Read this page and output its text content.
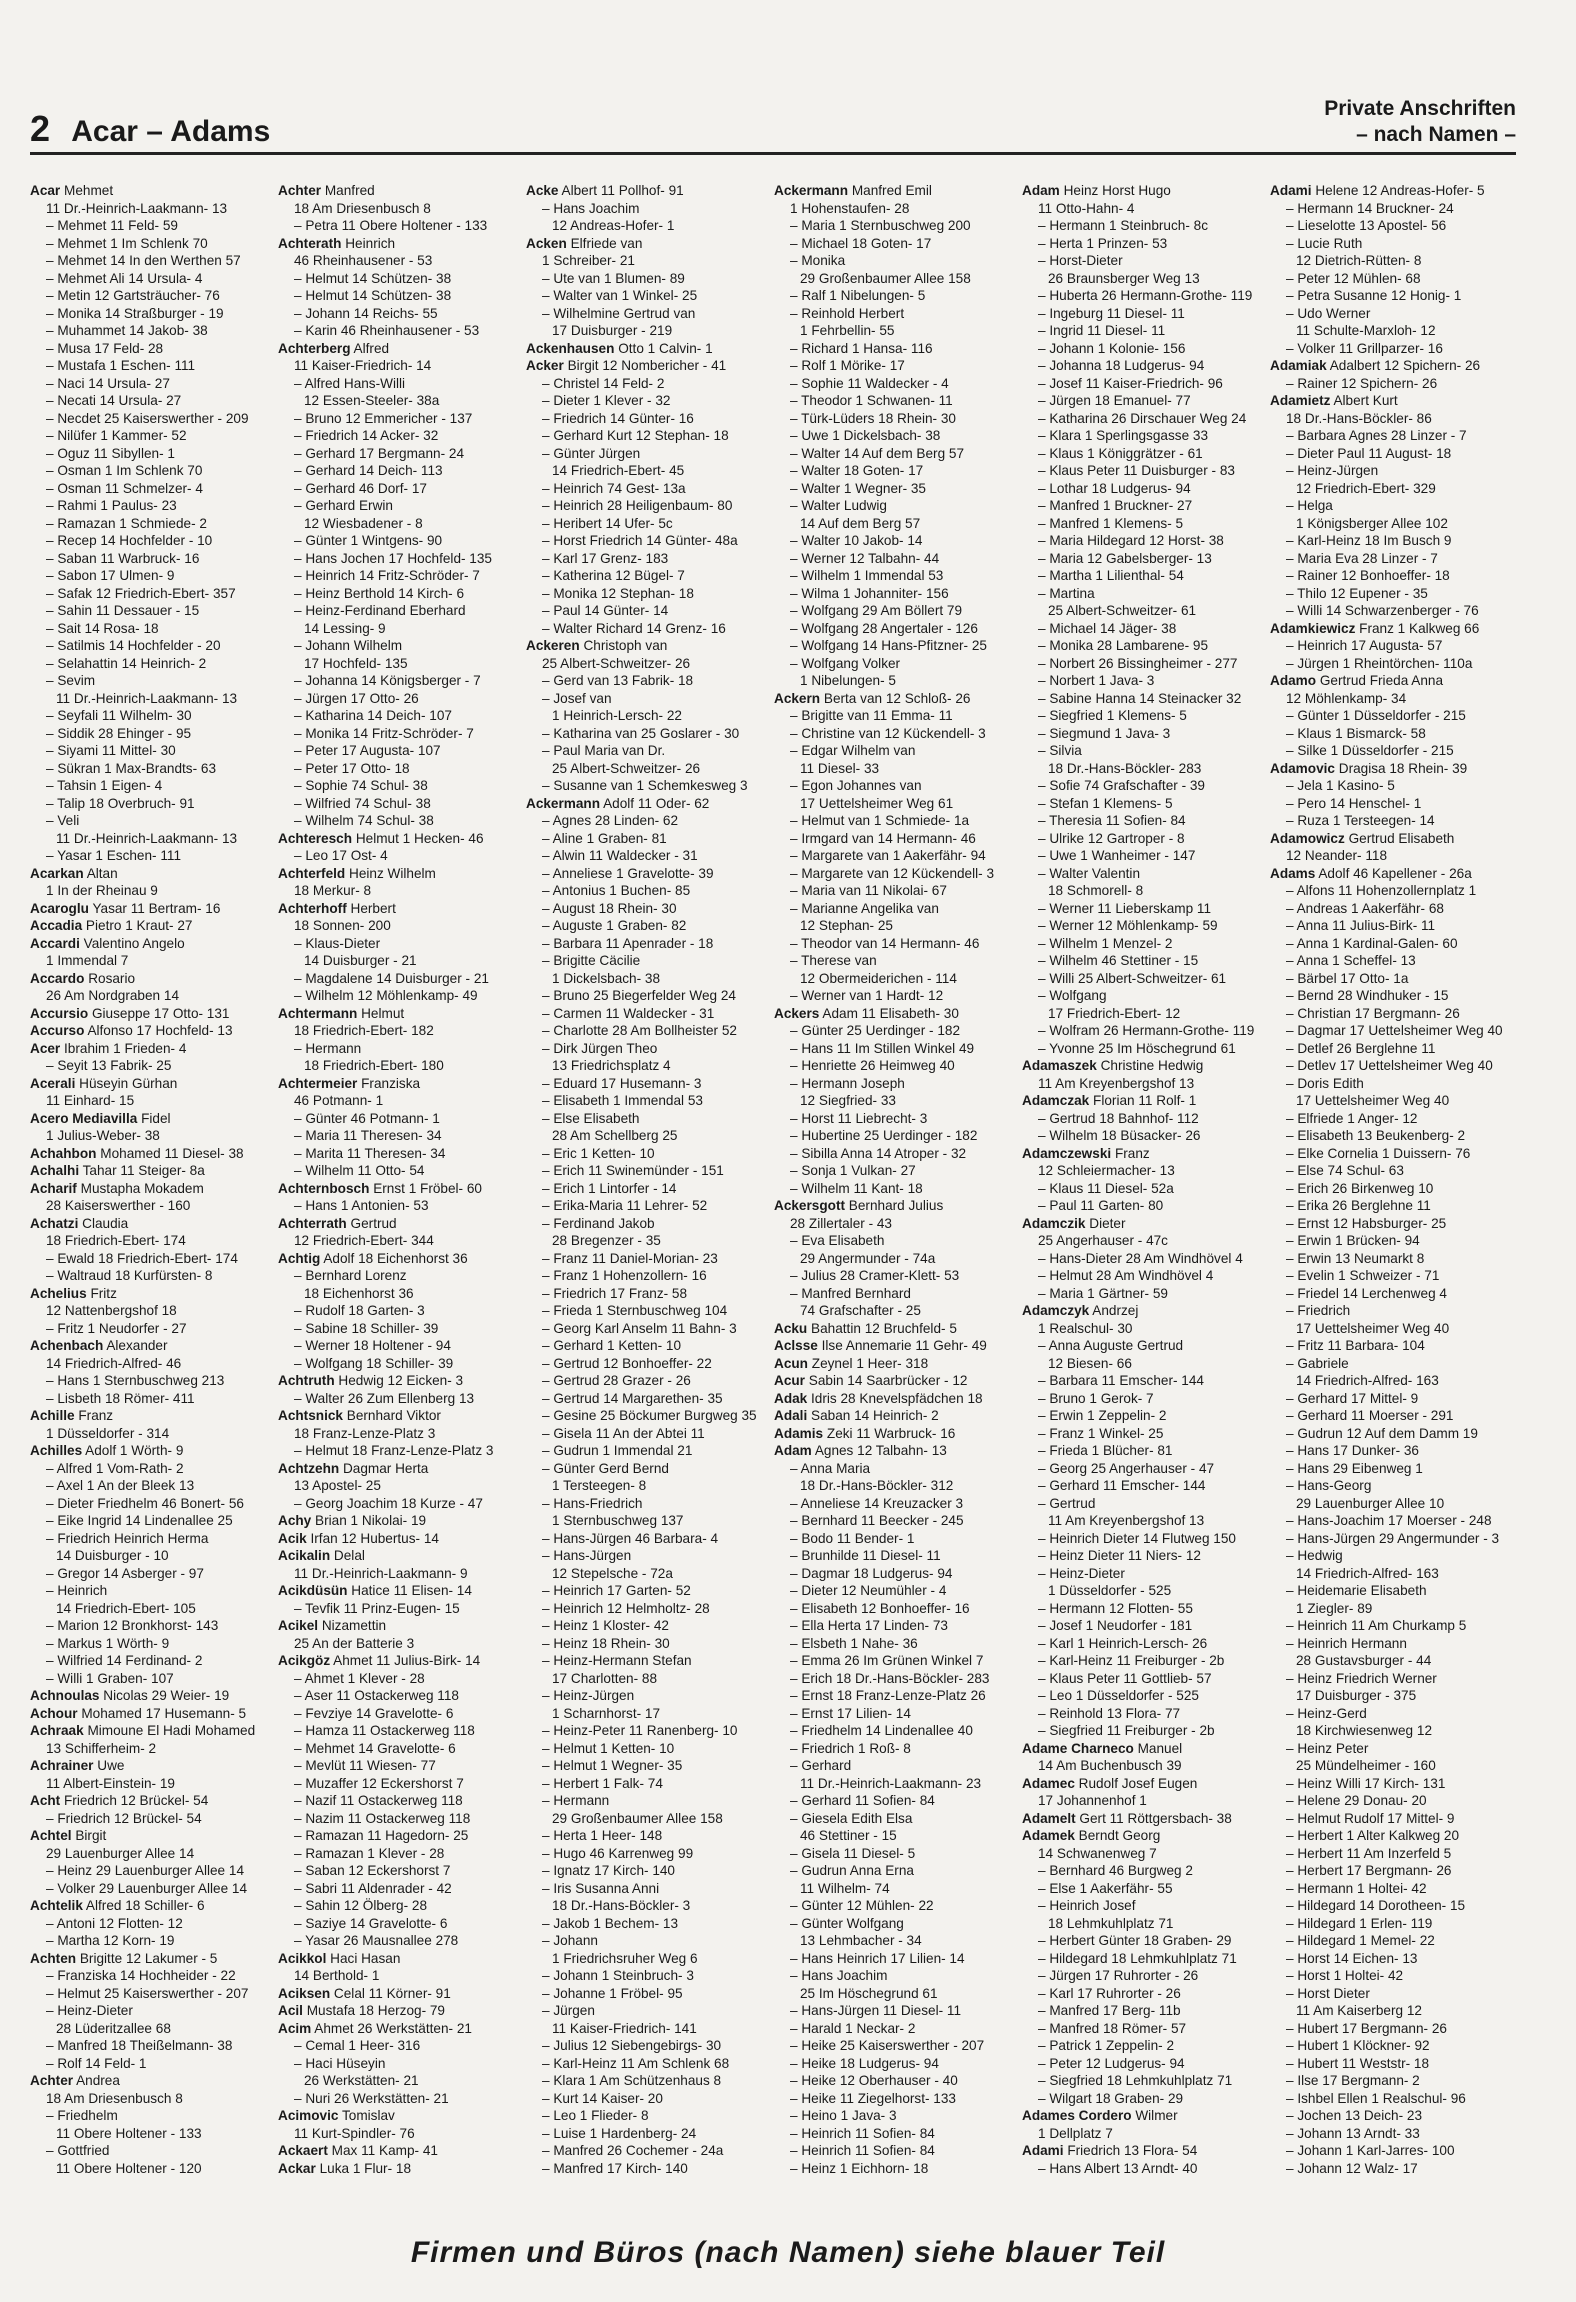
2 Acar – Adams
Private Anschriften
– nach Namen –
Acar Mehmet
11 Dr.-Heinrich-Laakmann- 13
– Mehmet 11 Feld- 59
– Mehmet 1 Im Schlenk 70
– Mehmet 14 In den Werthen 57
– Mehmet Ali 14 Ursula- 4
– Metin 12 Gartsträucher- 76
– Monika 14 Straßburger - 19
– Muhammet 14 Jakob- 38
– Musa 17 Feld- 28
– Mustafa 1 Eschen- 111
– Naci 14 Ursula- 27
– Necati 14 Ursula- 27
– Necdet 25 Kaiserswerther - 209
– Nilüfer 1 Kammer- 52
– Oguz 11 Sibyllen- 1
– Osman 1 Im Schlenk 70
– Osman 11 Schmelzer- 4
– Rahmi 1 Paulus- 23
– Ramazan 1 Schmiede- 2
– Recep 14 Hochfelder - 10
– Saban 11 Warbruck- 16
– Sabon 17 Ulmen- 9
– Safak 12 Friedrich-Ebert- 357
– Sahin 11 Dessauer - 15
– Sait 14 Rosa- 18
– Satilmis 14 Hochfelder - 20
– Selahattin 14 Heinrich- 2
– Sevim
11 Dr.-Heinrich-Laakmann- 13
– Seyfali 11 Wilhelm- 30
– Siddik 28 Ehinger - 95
– Siyami 11 Mittel- 30
– Sükran 1 Max-Brandts- 63
– Tahsin 1 Eigen- 4
– Talip 18 Overbruch- 91
– Veli
11 Dr.-Heinrich-Laakmann- 13
– Yasar 1 Eschen- 111
Acarkan Altan
1 In der Rheinau 9
Acaroglu Yasar 11 Bertram- 16
Accadia Pietro 1 Kraut- 27
Accardi Valentino Angelo
1 Immendal 7
Accardo Rosario
26 Am Nordgraben 14
Accursio Giuseppe 17 Otto- 131
Accurso Alfonso 17 Hochfeld- 13
Acer Ibrahim 1 Frieden- 4
– Seyit 13 Fabrik- 25
Acerali Hüseyin Gürhan
11 Einhard- 15
Acero Mediavilla Fidel
1 Julius-Weber- 38
Achahbon Mohamed 11 Diesel- 38
Achalhi Tahar 11 Steiger- 8a
Acharif Mustapha Mokadem
28 Kaiserswerther - 160
Achatzi Claudia
18 Friedrich-Ebert- 174
– Ewald 18 Friedrich-Ebert- 174
– Waltraud 18 Kurfürsten- 8
Achelius Fritz
12 Nattenbergshof 18
– Fritz 1 Neudorfer - 27
Achenbach Alexander
14 Friedrich-Alfred- 46
– Hans 1 Sternbuschweg 213
– Lisbeth 18 Römer- 411
Achille Franz
1 Düsseldorfer - 314
Achilles Adolf 1 Wörth- 9
– Alfred 1 Vom-Rath- 2
– Axel 1 An der Bleek 13
– Dieter Friedhelm 46 Bonert- 56
– Eike Ingrid 14 Lindenallee 25
– Friedrich Heinrich Herma
14 Duisburger - 10
– Gregor 14 Asberger - 97
– Heinrich
14 Friedrich-Ebert- 105
– Marion 12 Bronkhorst- 143
– Markus 1 Wörth- 9
– Wilfried 14 Ferdinand- 2
– Willi 1 Graben- 107
Achnoulas Nicolas 29 Weier- 19
Achour Mohamed 17 Husemann- 5
Achraak Mimoune El Hadi Mohamed
13 Schifferheim- 2
Achrainer Uwe
11 Albert-Einstein- 19
Acht Friedrich 12 Brückel- 54
– Friedrich 12 Brückel- 54
Achtel Birgit
29 Lauenburger Allee 14
– Heinz 29 Lauenburger Allee 14
– Volker 29 Lauenburger Allee 14
Achtelik Alfred 18 Schiller- 6
– Antoni 12 Flotten- 12
– Martha 12 Korn- 19
Achten Brigitte 12 Lakumer - 5
– Franziska 14 Hochheider - 22
– Helmut 25 Kaiserswerther - 207
– Heinz-Dieter
28 Lüderitzallee 68
– Manfred 18 Theißelmann- 38
– Rolf 14 Feld- 1
Achter Andrea
18 Am Driesenbusch 8
– Friedhelm
11 Obere Holtener - 133
– Gottfried
11 Obere Holtener - 120
Achter Manfred
18 Am Driesenbusch 8
– Petra 11 Obere Holtener - 133
Achterath Heinrich
46 Rheinhausener - 53
– Helmut 14 Schützen- 38
– Helmut 14 Schützen- 38
– Johann 14 Reichs- 55
– Karin 46 Rheinhausener - 53
Achterberg Alfred
11 Kaiser-Friedrich- 14
– Alfred Hans-Willi
12 Essen-Steeler- 38a
– Bruno 12 Emmericher - 137
– Friedrich 14 Acker- 32
– Gerhard 17 Bergmann- 24
– Gerhard 14 Deich- 113
– Gerhard 46 Dorf- 17
– Gerhard Erwin
12 Wiesbadener - 8
– Günter 1 Wintgens- 90
– Hans Jochen 17 Hochfeld- 135
– Heinrich 14 Fritz-Schröder- 7
– Heinz Berthold 14 Kirch- 6
– Heinz-Ferdinand Eberhard
14 Lessing- 9
– Johann Wilhelm
17 Hochfeld- 135
– Johanna 14 Königsberger - 7
– Jürgen 17 Otto- 26
– Katharina 14 Deich- 107
– Monika 14 Fritz-Schröder- 7
– Peter 17 Augusta- 107
– Peter 17 Otto- 18
– Sophie 74 Schul- 38
– Wilfried 74 Schul- 38
– Wilhelm 74 Schul- 38
Achteresch Helmut 1 Hecken- 46
– Leo 17 Ost- 4
Achterfeld Heinz Wilhelm
18 Merkur- 8
Achterhoff Herbert
18 Sonnen- 200
– Klaus-Dieter
14 Duisburger - 21
– Magdalene 14 Duisburger - 21
– Wilhelm 12 Möhlenkamp- 49
Achtermann Helmut
18 Friedrich-Ebert- 182
– Hermann
18 Friedrich-Ebert- 180
Achtermeier Franziska
46 Potmann- 1
– Günter 46 Potmann- 1
– Maria 11 Theresen- 34
– Marita 11 Theresen- 34
– Wilhelm 11 Otto- 54
Achternbosch Ernst 1 Fröbel- 60
– Hans 1 Antonien- 53
Achterrath Gertrud
12 Friedrich-Ebert- 344
Achtig Adolf 18 Eichenhorst 36
– Bernhard Lorenz
18 Eichenhorst 36
– Rudolf 18 Garten- 3
– Sabine 18 Schiller- 39
– Werner 18 Holtener - 94
– Wolfgang 18 Schiller- 39
Achtruth Hedwig 12 Eicken- 3
– Walter 26 Zum Ellenberg 13
Achtsnick Bernhard Viktor
18 Franz-Lenze-Platz 3
– Helmut 18 Franz-Lenze-Platz 3
Achtzehn Dagmar Herta
13 Apostel- 25
– Georg Joachim 18 Kurze - 47
Achy Brian 1 Nikolai- 19
Acik Irfan 12 Hubertus- 14
Acikalin Delal
11 Dr.-Heinrich-Laakmann- 9
Acikdüsün Hatice 11 Elisen- 14
– Tevfik 11 Prinz-Eugen- 15
Acikel Nizamettin
25 An der Batterie 3
Acikgöz Ahmet 11 Julius-Birk- 14
– Ahmet 1 Klever - 28
– Aser 11 Ostackerweg 118
– Fevziye 14 Gravelotte- 6
– Hamza 11 Ostackerweg 118
– Mehmet 14 Gravelotte- 6
– Mevlüt 11 Wiesen- 77
– Muzaffer 12 Eckershorst 7
– Nazif 11 Ostackerweg 118
– Nazim 11 Ostackerweg 118
– Ramazan 11 Hagedorn- 25
– Ramazan 1 Klever - 28
– Saban 12 Eckershorst 7
– Sabri 11 Aldenrader - 42
– Sahin 12 Ölberg- 28
– Saziye 14 Gravelotte- 6
– Yasar 26 Mausnallee 278
Acikkol Haci Hasan
14 Berthold- 1
Aciksen Celal 11 Körner- 91
Acil Mustafa 18 Herzog- 79
Acim Ahmet 26 Werkstätten- 21
– Cemal 1 Heer- 316
– Haci Hüseyin
26 Werkstätten- 21
– Nuri 26 Werkstätten- 21
Acimovic Tomislav
11 Kurt-Spindler- 76
Ackaert Max 11 Kamp- 41
Ackar Luka 1 Flur- 18
Acke Albert 11 Pollhof- 91
– Hans Joachim
12 Andreas-Hofer- 1
Acken Elfriede van
1 Schreiber- 21
– Ute van 1 Blumen- 89
– Walter van 1 Winkel- 25
– Wilhelmine Gertrud van
17 Duisburger - 219
Ackenhausen Otto 1 Calvin- 1
Acker Birgit 12 Nombericher - 41
– Christel 14 Feld- 2
– Dieter 1 Klever - 32
– Friedrich 14 Günter- 16
– Gerhard Kurt 12 Stephan- 18
– Günter Jürgen
14 Friedrich-Ebert- 45
– Heinrich 74 Gest- 13a
– Heinrich 28 Heiligenbaum- 80
– Heribert 14 Ufer- 5c
– Horst Friedrich 14 Günter- 48a
– Karl 17 Grenz- 183
– Katherina 12 Bügel- 7
– Monika 12 Stephan- 18
– Paul 14 Günter- 14
– Walter Richard 14 Grenz- 16
Ackeren Christoph van
25 Albert-Schweitzer- 26
– Gerd van 13 Fabrik- 18
– Josef van
1 Heinrich-Lersch- 22
– Katharina van 25 Goslarer - 30
– Paul Maria van Dr.
25 Albert-Schweitzer- 26
– Susanne van 1 Schemkesweg 3
Ackermann Adolf 11 Oder- 62
– Agnes 28 Linden- 62
– Aline 1 Graben- 81
– Alwin 11 Waldecker - 31
– Anneliese 1 Gravelotte- 39
– Antonius 1 Buchen- 85
– August 18 Rhein- 30
– Auguste 1 Graben- 82
– Barbara 11 Apenrader - 18
– Brigitte Cäcilie
1 Dickelsbach- 38
– Bruno 25 Biegerfelder Weg 24
– Carmen 11 Waldecker - 31
– Charlotte 28 Am Bollheister 52
– Dirk Jürgen Theo
13 Friedrichsplatz 4
– Eduard 17 Husemann- 3
– Elisabeth 1 Immendal 53
– Else Elisabeth
28 Am Schellberg 25
– Eric 1 Ketten- 10
– Erich 11 Swinemünder - 151
– Erich 1 Lintorfer - 14
– Erika-Maria 11 Lehrer- 52
– Ferdinand Jakob
28 Bregenzer - 35
– Franz 11 Daniel-Morian- 23
– Franz 1 Hohenzollern- 16
– Friedrich 17 Franz- 58
– Frieda 1 Sternbuschweg 104
– Georg Karl Anselm 11 Bahn- 3
– Gerhard 1 Ketten- 10
– Gertrud 12 Bonhoeffer- 22
– Gertrud 28 Grazer - 26
– Gertrud 14 Margarethen- 35
– Gesine 25 Böckumer Burgweg 35
– Gisela 11 An der Abtei 11
– Gudrun 1 Immendal 21
– Günter Gerd Bernd
1 Tersteegen- 8
– Hans-Friedrich
1 Sternbuschweg 137
– Hans-Jürgen 46 Barbara- 4
– Hans-Jürgen
12 Stepelsche - 72a
– Heinrich 17 Garten- 52
– Heinrich 12 Helmholtz- 28
– Heinz 1 Kloster- 42
– Heinz 18 Rhein- 30
– Heinz-Hermann Stefan
17 Charlotten- 88
– Heinz-Jürgen
1 Scharnhorst- 17
– Heinz-Peter 11 Ranenberg- 10
– Helmut 1 Ketten- 10
– Helmut 1 Wegner- 35
– Herbert 1 Falk- 74
– Hermann
29 Großenbaumer Allee 158
– Herta 1 Heer- 148
– Hugo 46 Karrenweg 99
– Ignatz 17 Kirch- 140
– Iris Susanna Anni
18 Dr.-Hans-Böckler- 3
– Jakob 1 Bechem- 13
– Johann
1 Friedrichsruher Weg 6
– Johann 1 Steinbruch- 3
– Johanne 1 Fröbel- 95
– Jürgen
11 Kaiser-Friedrich- 141
– Julius 12 Siebengebirgs- 30
– Karl-Heinz 11 Am Schlenk 68
– Klara 1 Am Schützenhaus 8
– Kurt 14 Kaiser- 20
– Leo 1 Flieder- 8
– Luise 1 Hardenberg- 24
– Manfred 26 Cochemer - 24a
– Manfred 17 Kirch- 140
Ackermann Manfred Emil
1 Hohenstaufen- 28
– Maria 1 Sternbuschweg 200
– Michael 18 Goten- 17
– Monika
29 Großenbaumer Allee 158
– Ralf 1 Nibelungen- 5
– Reinhold Herbert
1 Fehrbellin- 55
– Richard 1 Hansa- 116
– Rolf 1 Mörike- 17
– Sophie 11 Waldecker - 4
– Theodor 1 Schwanen- 11
– Türk-Lüders 18 Rhein- 30
– Uwe 1 Dickelsbach- 38
– Walter 14 Auf dem Berg 57
– Walter 18 Goten- 17
– Walter 1 Wegner- 35
– Walter Ludwig
14 Auf dem Berg 57
– Walter 10 Jakob- 14
– Werner 12 Talbahn- 44
– Wilhelm 1 Immendal 53
– Wilma 1 Johanniter- 156
– Wolfgang 29 Am Böllert 79
– Wolfgang 28 Angertaler - 126
– Wolfgang 14 Hans-Pfitzner- 25
– Wolfgang Volker
1 Nibelungen- 5
Ackern Berta van 12 Schloß- 26
– Brigitte van 11 Emma- 11
– Christine van 12 Kückendell- 3
– Edgar Wilhelm van
11 Diesel- 33
– Egon Johannes van
17 Uettelsheimer Weg 61
– Helmut van 1 Schmiede- 1a
– Irmgard van 14 Hermann- 46
– Margarete van 1 Aakerfähr- 94
– Margarete van 12 Kückendell- 3
– Maria van 11 Nikolai- 67
– Marianne Angelika van
12 Stephan- 25
– Theodor van 14 Hermann- 46
– Therese van
12 Obermeiderichen - 114
– Werner van 1 Hardt- 12
Ackers Adam 11 Elisabeth- 30
– Günter 25 Uerdinger - 182
– Hans 11 Im Stillen Winkel 49
– Henriette 26 Heimweg 40
– Hermann Joseph
12 Siegfried- 33
– Horst 11 Liebrecht- 3
– Hubertine 25 Uerdinger - 182
– Sibilla Anna 14 Atroper - 32
– Sonja 1 Vulkan- 27
– Wilhelm 11 Kant- 18
Ackersgott Bernhard Julius
28 Zillertaler - 43
– Eva Elisabeth
29 Angermunder - 74a
– Julius 28 Cramer-Klett- 53
– Manfred Bernhard
74 Grafschafter - 25
Acku Bahattin 12 Bruchfeld- 5
Aclsse Ilse Annemarie 11 Gehr- 49
Acun Zeynel 1 Heer- 318
Acur Sabin 14 Saarbrücker - 12
Adak Idris 28 Knevelspfädchen 18
Adali Saban 14 Heinrich- 2
Adamis Zeki 11 Warbruck- 16
Adam Agnes 12 Talbahn- 13
– Anna Maria
18 Dr.-Hans-Böckler- 312
– Anneliese 14 Kreuzacker 3
– Bernhard 11 Beecker - 245
– Bodo 11 Bender- 1
– Brunhilde 11 Diesel- 11
– Dagmar 18 Ludgerus- 94
– Dieter 12 Neumühler - 4
– Elisabeth 12 Bonhoeffer- 16
– Ella Herta 17 Linden- 73
– Elsbeth 1 Nahe- 36
– Emma 26 Im Grünen Winkel 7
– Erich 18 Dr.-Hans-Böckler- 283
– Ernst 18 Franz-Lenze-Platz 26
– Ernst 17 Lilien- 14
– Friedhelm 14 Lindenallee 40
– Friedrich 1 Roß- 8
– Gerhard
11 Dr.-Heinrich-Laakmann- 23
– Gerhard 11 Sofien- 84
– Giesela Edith Elsa
46 Stettiner - 15
– Gisela 11 Diesel- 5
– Gudrun Anna Erna
11 Wilhelm- 74
– Günter 12 Mühlen- 22
– Günter Wolfgang
13 Lehmbacher - 34
– Hans Heinrich 17 Lilien- 14
– Hans Joachim
25 Im Höschegrund 61
– Hans-Jürgen 11 Diesel- 11
– Harald 1 Neckar- 2
– Heike 25 Kaiserswerther - 207
– Heike 18 Ludgerus- 94
– Heike 12 Oberhauser - 40
– Heike 11 Ziegelhorst- 133
– Heino 1 Java- 3
– Heinrich 11 Sofien- 84
– Heinrich 11 Sofien- 84
– Heinz 1 Eichhorn- 18
Adam Heinz Horst Hugo
11 Otto-Hahn- 4
– Hermann 1 Steinbruch- 8c
– Herta 1 Prinzen- 53
– Horst-Dieter
26 Braunsberger Weg 13
– Huberta 26 Hermann-Grothe- 119
– Ingeburg 11 Diesel- 11
– Ingrid 11 Diesel- 11
– Johann 1 Kolonie- 156
– Johanna 18 Ludgerus- 94
– Josef 11 Kaiser-Friedrich- 96
– Jürgen 18 Emanuel- 77
– Katharina 26 Dirschauer Weg 24
– Klara 1 Sperlingsgasse 33
– Klaus 1 Königgrätzer - 61
– Klaus Peter 11 Duisburger - 83
– Lothar 18 Ludgerus- 94
– Manfred 1 Bruckner- 27
– Manfred 1 Klemens- 5
– Maria Hildegard 12 Horst- 38
– Maria 12 Gabelsberger- 13
– Martha 1 Lilienthal- 54
– Martina
25 Albert-Schweitzer- 61
– Michael 14 Jäger- 38
– Monika 28 Lambarene- 95
– Norbert 26 Bissingheimer - 277
– Norbert 1 Java- 3
– Sabine Hanna 14 Steinacker 32
– Siegfried 1 Klemens- 5
– Siegmund 1 Java- 3
– Silvia
18 Dr.-Hans-Böckler- 283
– Sofie 74 Grafschafter - 39
– Stefan 1 Klemens- 5
– Theresia 11 Sofien- 84
– Ulrike 12 Gartroper - 8
– Uwe 1 Wanheimer - 147
– Walter Valentin
18 Schmorell- 8
– Werner 11 Lieberskamp 11
– Werner 12 Möhlenkamp- 59
– Wilhelm 1 Menzel- 2
– Wilhelm 46 Stettiner - 15
– Willi 25 Albert-Schweitzer- 61
– Wolfgang
17 Friedrich-Ebert- 12
– Wolfram 26 Hermann-Grothe- 119
– Yvonne 25 Im Höschegrund 61
Adamaszek Christine Hedwig
11 Am Kreyenbergshof 13
Adamczak Florian 11 Rolf- 1
– Gertrud 18 Bahnhof- 112
– Wilhelm 18 Büsacker- 26
Adamczewski Franz
12 Schleiermacher- 13
– Klaus 11 Diesel- 52a
– Paul 11 Garten- 80
Adamczik Dieter
25 Angerhauser - 47c
– Hans-Dieter 28 Am Windhövel 4
– Helmut 28 Am Windhövel 4
– Maria 1 Gärtner- 59
Adamczyk Andrzej
1 Realschul- 30
– Anna Auguste Gertrud
12 Biesen- 66
– Barbara 11 Emscher- 144
– Bruno 1 Gerok- 7
– Erwin 1 Zeppelin- 2
– Franz 1 Winkel- 25
– Frieda 1 Blücher- 81
– Georg 25 Angerhauser - 47
– Gerhard 11 Emscher- 144
– Gertrud
11 Am Kreyenbergshof 13
– Heinrich Dieter 14 Flutweg 150
– Heinz Dieter 11 Niers- 12
– Heinz-Dieter
1 Düsseldorfer - 525
– Hermann 12 Flotten- 55
– Josef 1 Neudorfer - 181
– Karl 1 Heinrich-Lersch- 26
– Karl-Heinz 11 Freiburger - 2b
– Klaus Peter 11 Gottlieb- 57
– Leo 1 Düsseldorfer - 525
– Reinhold 13 Flora- 77
– Siegfried 11 Freiburger - 2b
Adame Charneco Manuel
14 Am Buchenbusch 39
Adamec Rudolf Josef Eugen
17 Johannenhof 1
Adamelt Gert 11 Röttgersbach- 38
Adamek Berndt Georg
14 Schwanenweg 7
– Bernhard 46 Burgweg 2
– Else 1 Aakerfähr- 55
– Heinrich Josef
18 Lehmkuhlplatz 71
– Herbert Günter 18 Graben- 29
– Hildegard 18 Lehmkuhlplatz 71
– Jürgen 17 Ruhrorter - 26
– Karl 17 Ruhrorter - 26
– Manfred 17 Berg- 11b
– Manfred 18 Römer- 57
– Patrick 1 Zeppelin- 2
– Peter 12 Ludgerus- 94
– Siegfried 18 Lehmkuhlplatz 71
– Wilgart 18 Graben- 29
Adames Cordero Wilmer
1 Dellplatz 7
Adami Friedrich 13 Flora- 54
– Hans Albert 13 Arndt- 40
Adami Helene 12 Andreas-Hofer- 5
– Hermann 14 Bruckner- 24
– Lieselotte 13 Apostel- 56
– Lucie Ruth
12 Dietrich-Rütten- 8
– Peter 12 Mühlen- 68
– Petra Susanne 12 Honig- 1
– Udo Werner
11 Schulte-Marxloh- 12
– Volker 11 Grillparzer- 16
Adamiak Adalbert 12 Spichern- 26
– Rainer 12 Spichern- 26
Adamietz Albert Kurt
18 Dr.-Hans-Böckler- 86
– Barbara Agnes 28 Linzer - 7
– Dieter Paul 11 August- 18
– Heinz-Jürgen
12 Friedrich-Ebert- 329
– Helga
1 Königsberger Allee 102
– Karl-Heinz 18 Im Busch 9
– Maria Eva 28 Linzer - 7
– Rainer 12 Bonhoeffer- 18
– Thilo 12 Eupener - 35
– Willi 14 Schwarzenberger - 76
Adamkiewicz Franz 1 Kalkweg 66
– Heinrich 17 Augusta- 57
– Jürgen 1 Rheintörchen- 110a
Adamo Gertrud Frieda Anna
12 Möhlenkamp- 34
– Günter 1 Düsseldorfer - 215
– Klaus 1 Bismarck- 58
– Silke 1 Düsseldorfer - 215
Adamovic Dragisa 18 Rhein- 39
– Jela 1 Kasino- 5
– Pero 14 Henschel- 1
– Ruza 1 Tersteegen- 14
Adamowicz Gertrud Elisabeth
12 Neander- 118
Adams Adolf 46 Kapellener - 26a
– Alfons 11 Hohenzollernplatz 1
– Andreas 1 Aakerfähr- 68
– Anna 11 Julius-Birk- 11
– Anna 1 Kardinal-Galen- 60
– Anna 1 Scheffel- 13
– Bärbel 17 Otto- 1a
– Bernd 28 Windhuker - 15
– Christian 17 Bergmann- 26
– Dagmar 17 Uettelsheimer Weg 40
– Detlef 26 Berglehne 11
– Detlev 17 Uettelsheimer Weg 40
– Doris Edith
17 Uettelsheimer Weg 40
– Elfriede 1 Anger- 12
– Elisabeth 13 Beukenberg- 2
– Elke Cornelia 1 Duissern- 76
– Else 74 Schul- 63
– Erich 26 Birkenweg 10
– Erika 26 Berglehne 11
– Ernst 12 Habsburger- 25
– Erwin 1 Brücken- 94
– Erwin 13 Neumarkt 8
– Evelin 1 Schweizer - 71
– Friedel 14 Lerchenweg 4
– Friedrich
17 Uettelsheimer Weg 40
– Fritz 11 Barbara- 104
– Gabriele
14 Friedrich-Alfred- 163
– Gerhard 17 Mittel- 9
– Gerhard 11 Moerser - 291
– Gudrun 12 Auf dem Damm 19
– Hans 17 Dunker- 36
– Hans 29 Eibenweg 1
– Hans-Georg
29 Lauenburger Allee 10
– Hans-Joachim 17 Moerser - 248
– Hans-Jürgen 29 Angermunder - 3
– Hedwig
14 Friedrich-Alfred- 163
– Heidemarie Elisabeth
1 Ziegler- 89
– Heinrich 11 Am Churkamp 5
– Heinrich Hermann
28 Gustavsburger - 44
– Heinz Friedrich Werner
17 Duisburger - 375
– Heinz-Gerd
18 Kirchwiesenweg 12
– Heinz Peter
25 Mündelheimer - 160
– Heinz Willi 17 Kirch- 131
– Helene 29 Donau- 20
– Helmut Rudolf 17 Mittel- 9
– Herbert 1 Alter Kalkweg 20
– Herbert 11 Am Inzerfeld 5
– Herbert 17 Bergmann- 26
– Hermann 1 Holtei- 42
– Hildegard 14 Dorotheen- 15
– Hildegard 1 Erlen- 119
– Hildegard 1 Memel- 22
– Horst 14 Eichen- 13
– Horst 1 Holtei- 42
– Horst Dieter
11 Am Kaiserberg 12
– Hubert 17 Bergmann- 26
– Hubert 1 Klöckner- 92
– Hubert 11 Weststr- 18
– Ilse 17 Bergmann- 2
– Ishbel Ellen 1 Realschul- 96
– Jochen 13 Deich- 23
– Johann 13 Arndt- 33
– Johann 1 Karl-Jarres- 100
– Johann 12 Walz- 17
Firmen und Büros (nach Namen) siehe blauer Teil
